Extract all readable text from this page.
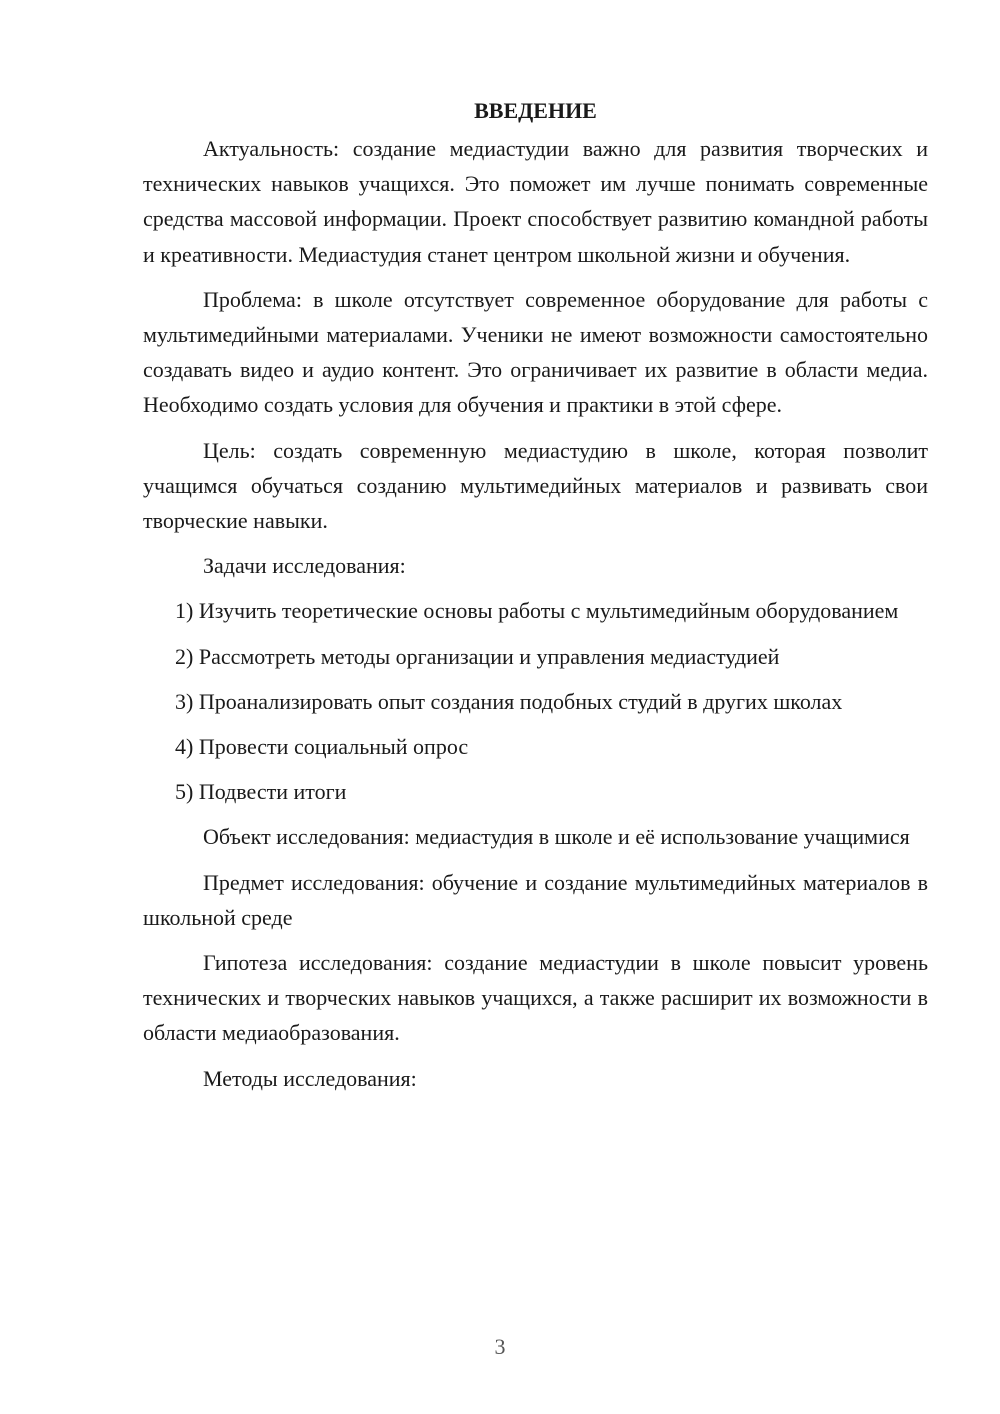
ВВЕДЕНИЕ

Актуальность: создание медиастудии важно для развития творческих и технических навыков учащихся. Это поможет им лучше понимать современные средства массовой информации. Проект способствует развитию командной работы и креативности. Медиастудия станет центром школьной жизни и обучения.

Проблема: в школе отсутствует современное оборудование для работы с мультимедийными материалами. Ученики не имеют возможности самостоятельно создавать видео и аудио контент. Это ограничивает их развитие в области медиа. Необходимо создать условия для обучения и практики в этой сфере.

Цель: создать современную медиастудию в школе, которая позволит учащимся обучаться созданию мультимедийных материалов и развивать свои творческие навыки.

Задачи исследования:

1) Изучить теоретические основы работы с мультимедийным оборудованием
2) Рассмотреть методы организации и управления медиастудией
3) Проанализировать опыт создания подобных студий в других школах
4) Провести социальный опрос
5) Подвести итоги

Объект исследования: медиастудия в школе и её использование учащимися

Предмет исследования: обучение и создание мультимедийных материалов в школьной среде

Гипотеза исследования: создание медиастудии в школе повысит уровень технических и творческих навыков учащихся, а также расширит их возможности в области медиаобразования.

Методы исследования:

3
